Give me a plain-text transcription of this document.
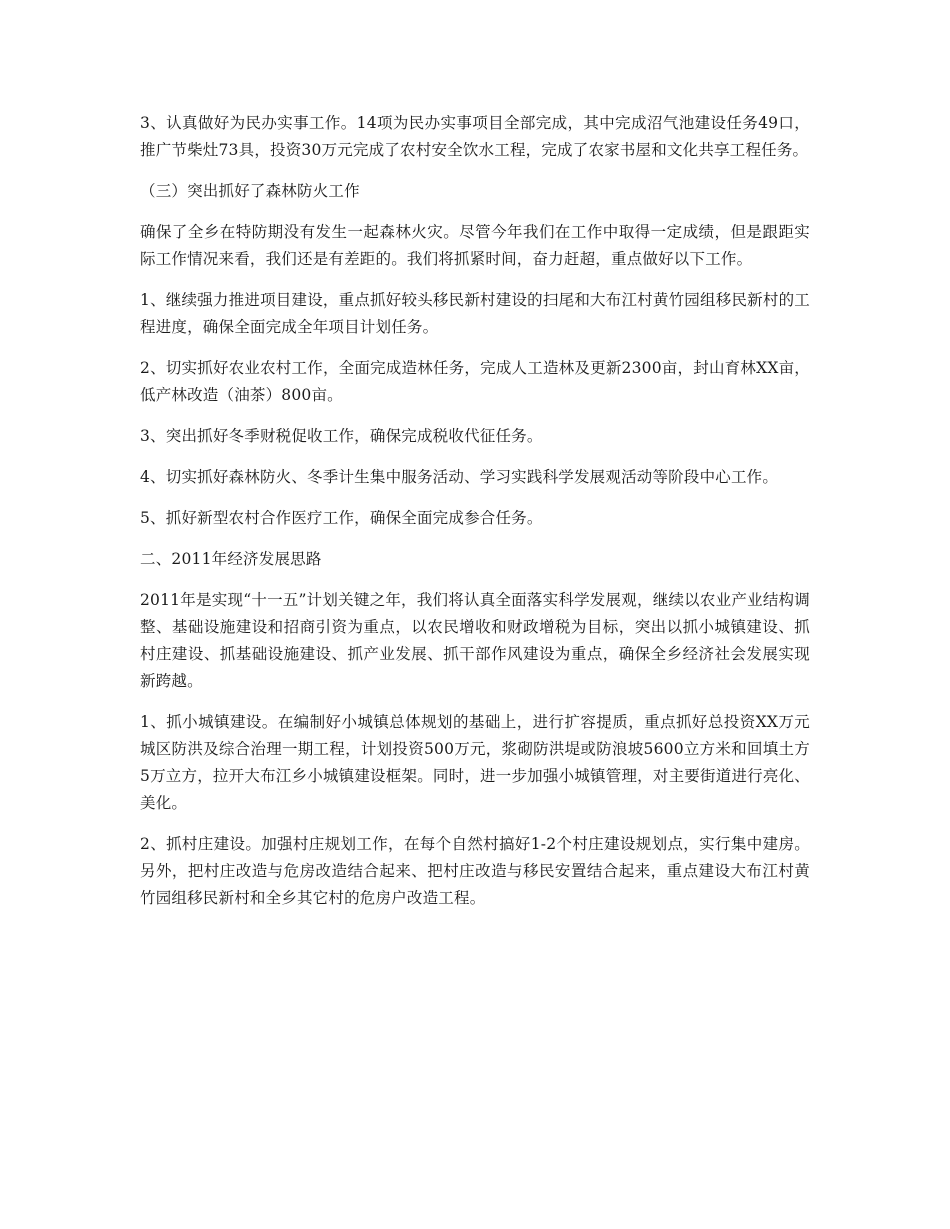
3、认真做好为民办实事工作。14项为民办实事项目全部完成，其中完成沼气池建设任务49口，推广节柴灶73具，投资30万元完成了农村安全饮水工程，完成了农家书屋和文化共享工程任务。

（三）突出抓好了森林防火工作

确保了全乡在特防期没有发生一起森林火灾。尽管今年我们在工作中取得一定成绩，但是跟距实际工作情况来看，我们还是有差距的。我们将抓紧时间，奋力赶超，重点做好以下工作。

1、继续强力推进项目建设，重点抓好较头移民新村建设的扫尾和大布江村黄竹园组移民新村的工程进度，确保全面完成全年项目计划任务。

2、切实抓好农业农村工作，全面完成造林任务，完成人工造林及更新2300亩，封山育林XX亩，低产林改造（油茶）800亩。

3、突出抓好冬季财税促收工作，确保完成税收代征任务。

4、切实抓好森林防火、冬季计生集中服务活动、学习实践科学发展观活动等阶段中心工作。

5、抓好新型农村合作医疗工作，确保全面完成参合任务。

二、2011年经济发展思路

2011年是实现“十一五”计划关键之年，我们将认真全面落实科学发展观，继续以农业产业结构调整、基础设施建设和招商引资为重点，以农民增收和财政增税为目标，突出以抓小城镇建设、抓村庄建设、抓基础设施建设、抓产业发展、抓干部作风建设为重点，确保全乡经济社会发展实现新跨越。

1、抓小城镇建设。在编制好小城镇总体规划的基础上，进行扩容提质，重点抓好总投资XX万元城区防洪及综合治理一期工程，计划投资500万元，浆砌防洪堤或防浪坡5600立方米和回填土方5万立方，拉开大布江乡小城镇建设框架。同时，进一步加强小城镇管理，对主要街道进行亮化、美化。

2、抓村庄建设。加强村庄规划工作，在每个自然村搞好1-2个村庄建设规划点，实行集中建房。另外，把村庄改造与危房改造结合起来、把村庄改造与移民安置结合起来，重点建设大布江村黄竹园组移民新村和全乡其它村的危房户改造工程。
